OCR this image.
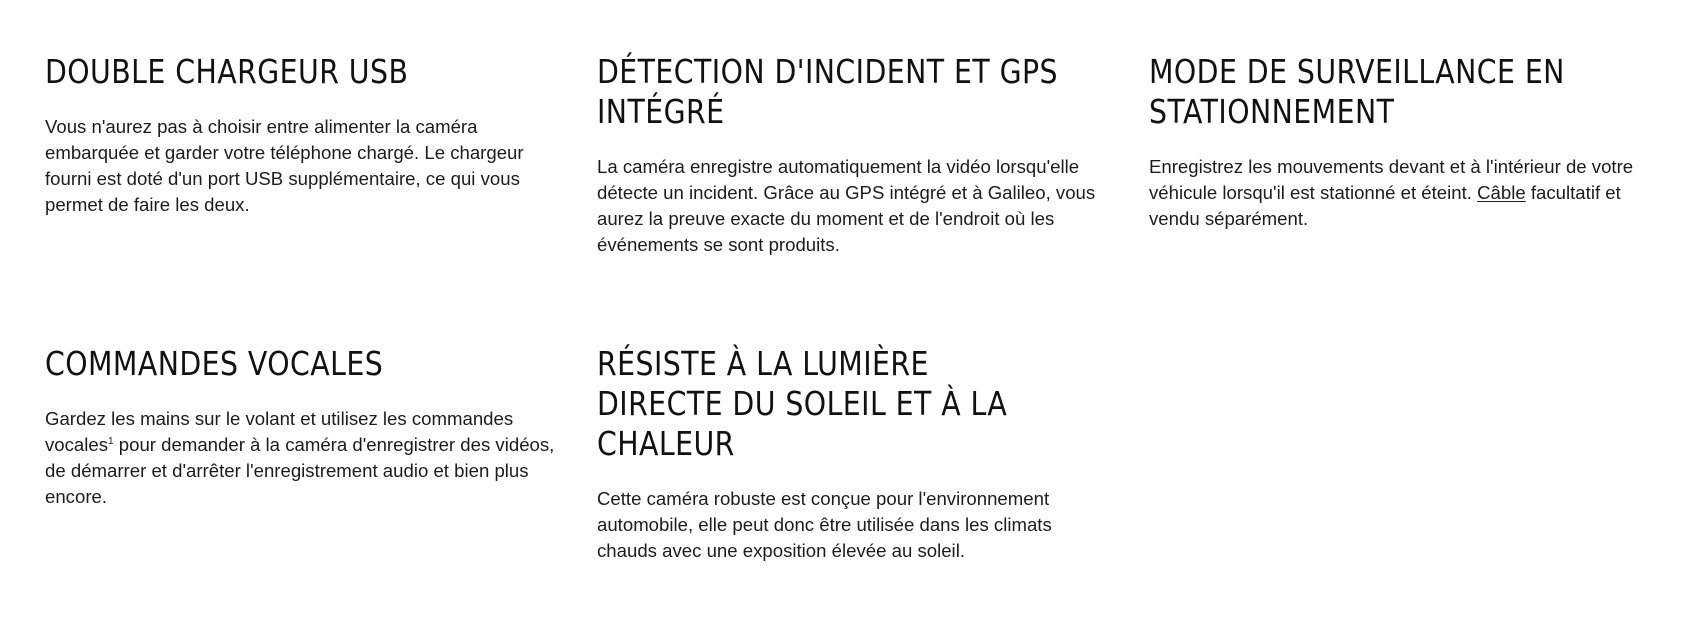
DOUBLE CHARGEUR USB

Vous n'aurez pas à choisir entre alimenter la caméra embarquée et garder votre téléphone chargé. Le chargeur fourni est doté d'un port USB supplémentaire, ce qui vous permet de faire les deux.

DÉTECTION D'INCIDENT ET GPS INTÉGRÉ

La caméra enregistre automatiquement la vidéo lorsqu'elle détecte un incident. Grâce au GPS intégré et à Galileo, vous aurez la preuve exacte du moment et de l'endroit où les événements se sont produits.

MODE DE SURVEILLANCE EN STATIONNEMENT

Enregistrez les mouvements devant et à l'intérieur de votre véhicule lorsqu'il est stationné et éteint. Câble facultatif et vendu séparément.

COMMANDES VOCALES

Gardez les mains sur le volant et utilisez les commandes vocales$^1$ pour demander à la caméra d'enregistrer des vidéos, de démarrer et d'arrêter l'enregistrement audio et bien plus encore.

RÉSISTE À LA LUMIÈRE DIRECTE DU SOLEIL ET À LA CHALEUR

Cette caméra robuste est conçue pour l'environnement automobile, elle peut donc être utilisée dans les climats chauds avec une exposition élevée au soleil.
